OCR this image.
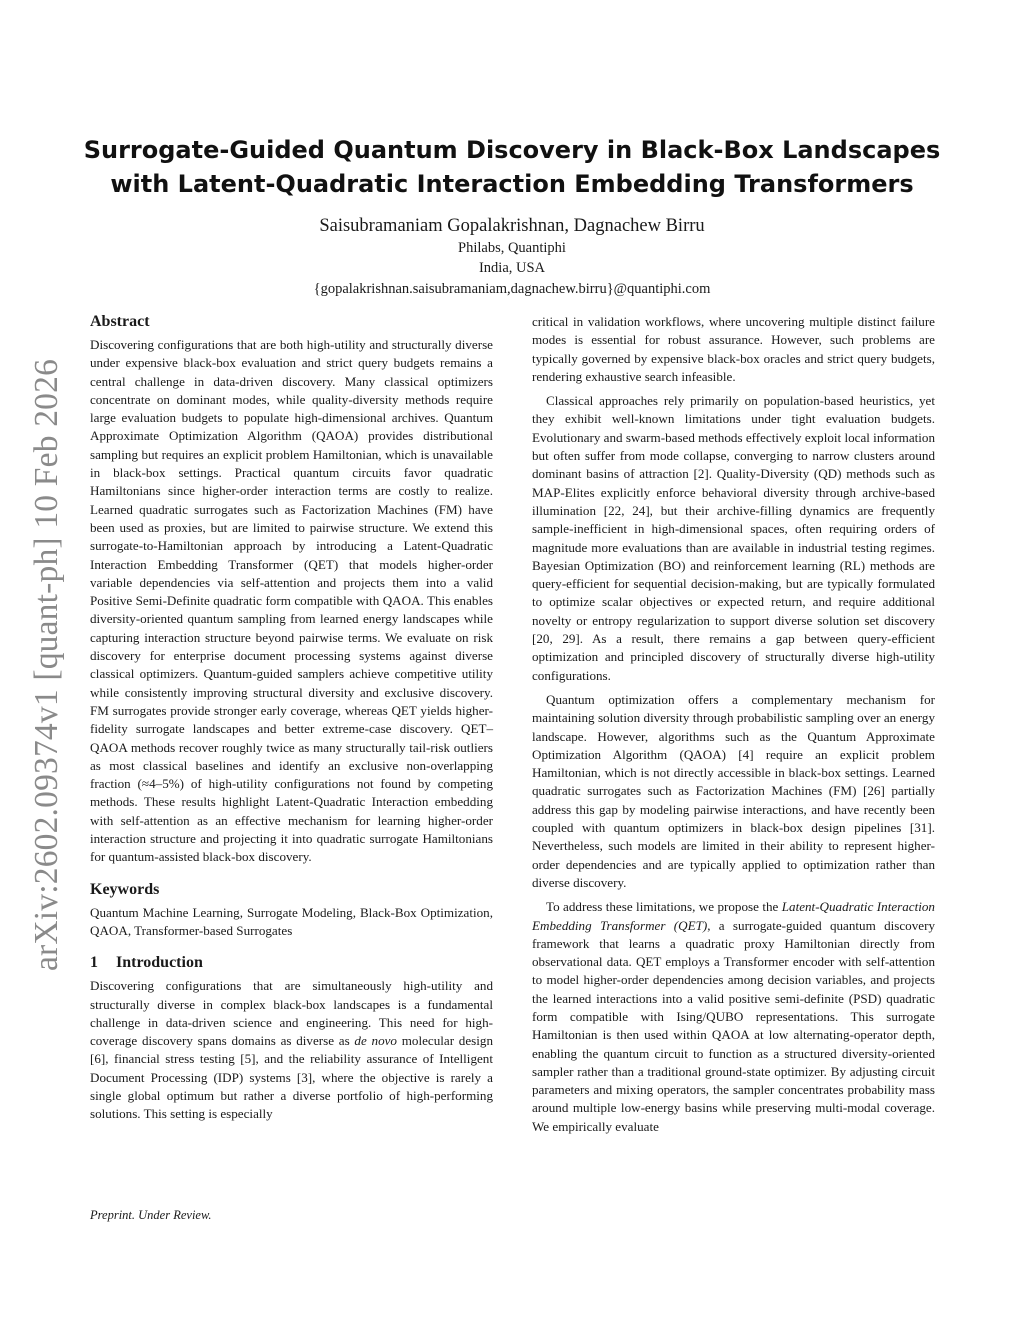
arXiv:2602.09374v1 [quant-ph] 10 Feb 2026
Surrogate-Guided Quantum Discovery in Black-Box Landscapes
with Latent-Quadratic Interaction Embedding Transformers
Saisubramaniam Gopalakrishnan, Dagnachew Birru
Philabs, Quantiphi
India, USA
{gopalakrishnan.saisubramaniam,dagnachew.birru}@quantiphi.com
Abstract

Discovering configurations that are both high-utility and structurally diverse under expensive black-box evaluation and strict query budgets remains a central challenge in data-driven discovery. Many classical optimizers concentrate on dominant modes, while quality-diversity methods require large evaluation budgets to populate high-dimensional archives. Quantum Approximate Optimization Algorithm (QAOA) provides distributional sampling but requires an explicit problem Hamiltonian, which is unavailable in black-box settings. Practical quantum circuits favor quadratic Hamiltonians since higher-order interaction terms are costly to realize. Learned quadratic surrogates such as Factorization Machines (FM) have been used as proxies, but are limited to pairwise structure. We extend this surrogate-to-Hamiltonian approach by introducing a Latent-Quadratic Interaction Embedding Transformer (QET) that models higher-order variable dependencies via self-attention and projects them into a valid Positive Semi-Definite quadratic form compatible with QAOA. This enables diversity-oriented quantum sampling from learned energy landscapes while capturing interaction structure beyond pairwise terms. We evaluate on risk discovery for enterprise document processing systems against diverse classical optimizers. Quantum-guided samplers achieve competitive utility while consistently improving structural diversity and exclusive discovery. FM surrogates provide stronger early coverage, whereas QET yields higher-fidelity surrogate landscapes and better extreme-case discovery. QET–QAOA methods recover roughly twice as many structurally tail-risk outliers as most classical baselines and identify an exclusive non-overlapping fraction (≈4–5%) of high-utility configurations not found by competing methods. These results highlight Latent-Quadratic Interaction embedding with self-attention as an effective mechanism for learning higher-order interaction structure and projecting it into quadratic surrogate Hamiltonians for quantum-assisted black-box discovery.

Keywords

Quantum Machine Learning, Surrogate Modeling, Black-Box Optimization, QAOA, Transformer-based Surrogates

1 Introduction

Discovering configurations that are simultaneously high-utility and structurally diverse in complex black-box landscapes is a fundamental challenge in data-driven science and engineering. This need for high-coverage discovery spans domains as diverse as de novo molecular design [6], financial stress testing [5], and the reliability assurance of Intelligent Document Processing (IDP) systems [3], where the objective is rarely a single global optimum but rather a diverse portfolio of high-performing solutions. This setting is especially

critical in validation workflows, where uncovering multiple distinct failure modes is essential for robust assurance. However, such problems are typically governed by expensive black-box oracles and strict query budgets, rendering exhaustive search infeasible.

Classical approaches rely primarily on population-based heuristics, yet they exhibit well-known limitations under tight evaluation budgets. Evolutionary and swarm-based methods effectively exploit local information but often suffer from mode collapse, converging to narrow clusters around dominant basins of attraction [2]. Quality-Diversity (QD) methods such as MAP-Elites explicitly enforce behavioral diversity through archive-based illumination [22, 24], but their archive-filling dynamics are frequently sample-inefficient in high-dimensional spaces, often requiring orders of magnitude more evaluations than are available in industrial testing regimes. Bayesian Optimization (BO) and reinforcement learning (RL) methods are query-efficient for sequential decision-making, but are typically formulated to optimize scalar objectives or expected return, and require additional novelty or entropy regularization to support diverse solution set discovery [20, 29]. As a result, there remains a gap between query-efficient optimization and principled discovery of structurally diverse high-utility configurations.

Quantum optimization offers a complementary mechanism for maintaining solution diversity through probabilistic sampling over an energy landscape. However, algorithms such as the Quantum Approximate Optimization Algorithm (QAOA) [4] require an explicit problem Hamiltonian, which is not directly accessible in black-box settings. Learned quadratic surrogates such as Factorization Machines (FM) [26] partially address this gap by modeling pairwise interactions, and have recently been coupled with quantum optimizers in black-box design pipelines [31]. Nevertheless, such models are limited in their ability to represent higher-order dependencies and are typically applied to optimization rather than diverse discovery.

To address these limitations, we propose the Latent-Quadratic Interaction Embedding Transformer (QET), a surrogate-guided quantum discovery framework that learns a quadratic proxy Hamiltonian directly from observational data. QET employs a Transformer encoder with self-attention to model higher-order dependencies among decision variables, and projects the learned interactions into a valid positive semi-definite (PSD) quadratic form compatible with Ising/QUBO representations. This surrogate Hamiltonian is then used within QAOA at low alternating-operator depth, enabling the quantum circuit to function as a structured diversity-oriented sampler rather than a traditional ground-state optimizer. By adjusting circuit parameters and mixing operators, the sampler concentrates probability mass around multiple low-energy basins while preserving multi-modal coverage. We empirically evaluate

Preprint. Under Review.
